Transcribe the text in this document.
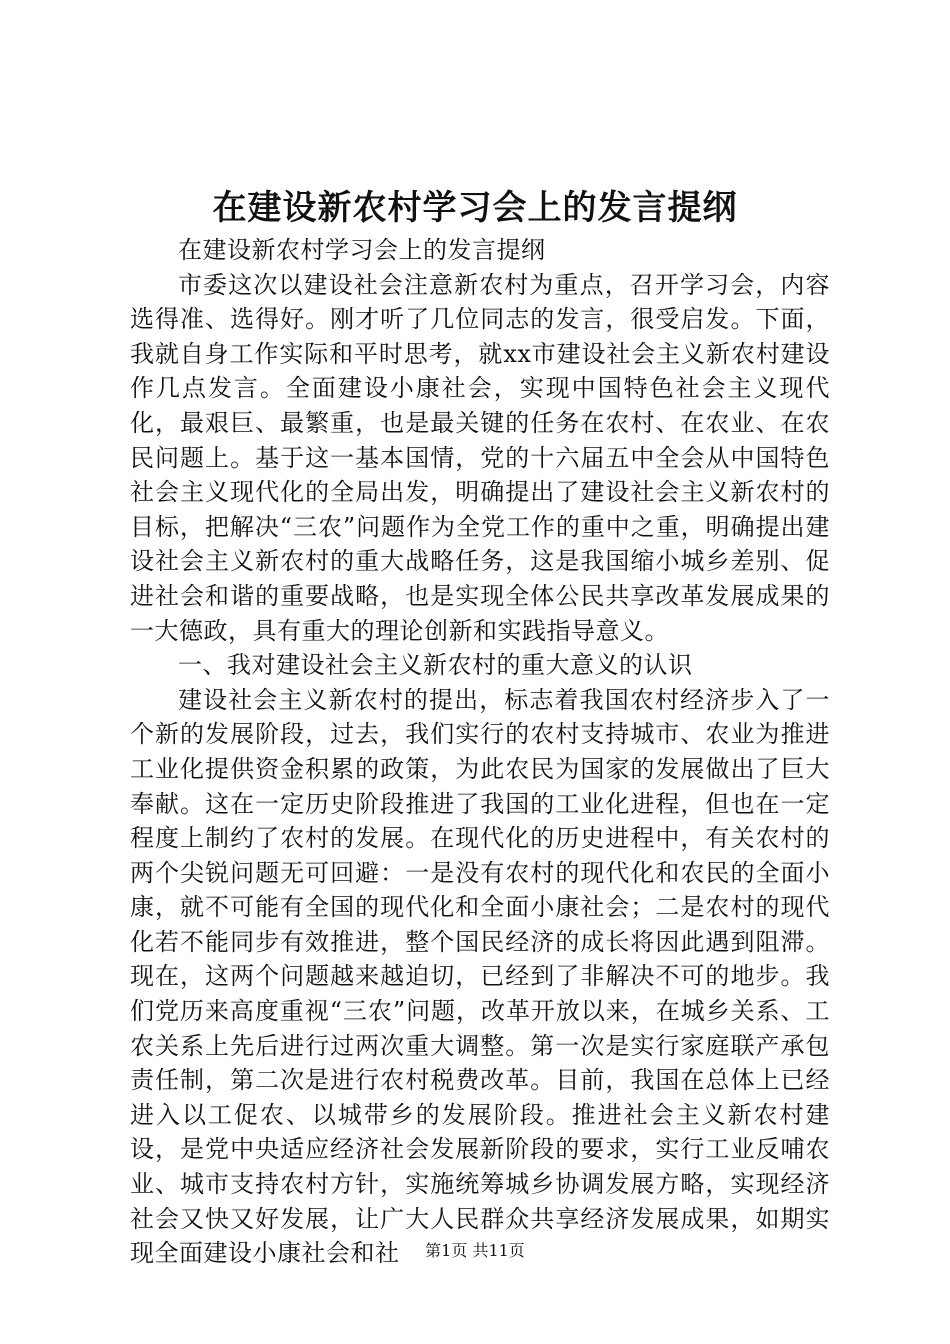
在建设新农村学习会上的发言提纲

在建设新农村学习会上的发言提纲

市委这次以建设社会注意新农村为重点，召开学习会，内容选得准、选得好。刚才听了几位同志的发言，很受启发。下面，我就自身工作实际和平时思考，就xx市建设社会主义新农村建设作几点发言。全面建设小康社会，实现中国特色社会主义现代化，最艰巨、最繁重，也是最关键的任务在农村、在农业、在农民问题上。基于这一基本国情，党的十六届五中全会从中国特色社会主义现代化的全局出发，明确提出了建设社会主义新农村的目标，把解决“三农”问题作为全党工作的重中之重，明确提出建设社会主义新农村的重大战略任务，这是我国缩小城乡差别、促进社会和谐的重要战略，也是实现全体公民共享改革发展成果的一大德政，具有重大的理论创新和实践指导意义。

一、我对建设社会主义新农村的重大意义的认识

建设社会主义新农村的提出，标志着我国农村经济步入了一个新的发展阶段，过去，我们实行的农村支持城市、农业为推进工业化提供资金积累的政策，为此农民为国家的发展做出了巨大奉献。这在一定历史阶段推进了我国的工业化进程，但也在一定程度上制约了农村的发展。在现代化的历史进程中，有关农村的两个尖锐问题无可回避：一是没有农村的现代化和农民的全面小康，就不可能有全国的现代化和全面小康社会；二是农村的现代化若不能同步有效推进，整个国民经济的成长将因此遇到阻滞。现在，这两个问题越来越迫切，已经到了非解决不可的地步。我们党历来高度重视“三农”问题，改革开放以来，在城乡关系、工农关系上先后进行过两次重大调整。第一次是实行家庭联产承包责任制，第二次是进行农村税费改革。目前，我国在总体上已经进入以工促农、以城带乡的发展阶段。推进社会主义新农村建设，是党中央适应经济社会发展新阶段的要求，实行工业反哺农业、城市支持农村方针，实施统筹城乡协调发展方略，实现经济社会又快又好发展，让广大人民群众共享经济发展成果，如期实现全面建设小康社会和社	第1页 共11页
